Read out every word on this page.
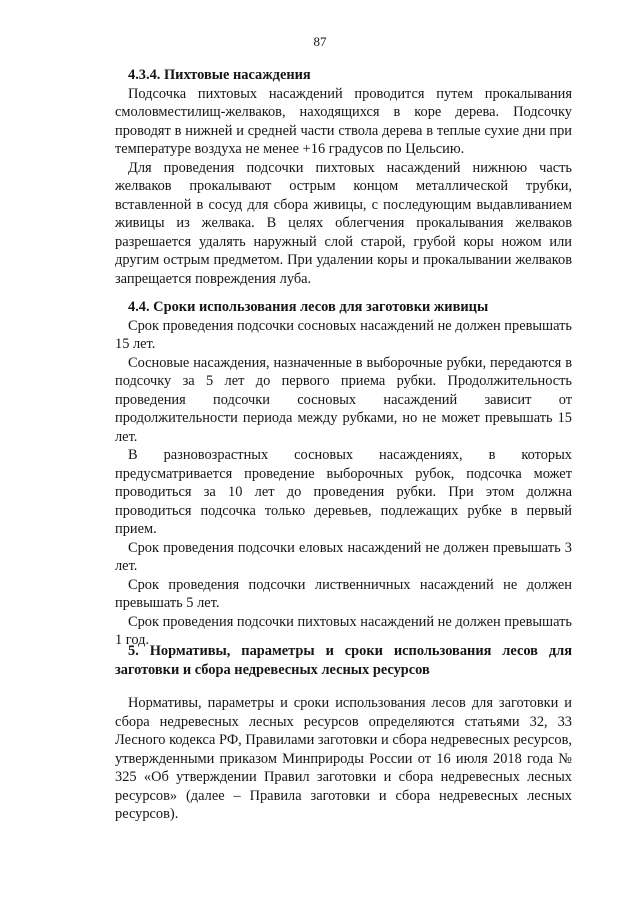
87

4.3.4. Пихтовые насаждения

Подсочка пихтовых насаждений проводится путем прокалывания смоловместилищ-желваков, находящихся в коре дерева. Подсочку проводят в нижней и средней части ствола дерева в теплые сухие дни при температуре воздуха не менее +16 градусов по Цельсию.

Для проведения подсочки пихтовых насаждений нижнюю часть желваков прокалывают острым концом металлической трубки, вставленной в сосуд для сбора живицы, с последующим выдавливанием живицы из желвака. В целях облегчения прокалывания желваков разрешается удалять наружный слой старой, грубой коры ножом или другим острым предметом. При удалении коры и прокалывании желваков запрещается повреждения луба.

4.4. Сроки использования лесов для заготовки живицы

Срок проведения подсочки сосновых насаждений не должен превышать 15 лет.

Сосновые насаждения, назначенные в выборочные рубки, передаются в подсочку за 5 лет до первого приема рубки. Продолжительность проведения подсочки сосновых насаждений зависит от продолжительности периода между рубками, но не может превышать 15 лет.

В разновозрастных сосновых насаждениях, в которых предусматривается проведение выборочных рубок, подсочка может проводиться за 10 лет до проведения рубки. При этом должна проводиться подсочка только деревьев, подлежащих рубке в первый прием.

Срок проведения подсочки еловых насаждений не должен превышать 3 лет.

Срок проведения подсочки лиственничных насаждений не должен превышать 5 лет.

Срок проведения подсочки пихтовых насаждений не должен превышать 1 год.

5. Нормативы, параметры и сроки использования лесов для заготовки и сбора недревесных лесных ресурсов

Нормативы, параметры и сроки использования лесов для заготовки и сбора недревесных лесных ресурсов определяются статьями 32, 33 Лесного кодекса РФ, Правилами заготовки и сбора недревесных ресурсов, утвержденными приказом Минприроды России от 16 июля 2018 года № 325 «Об утверждении Правил заготовки и сбора недревесных лесных ресурсов» (далее – Правила заготовки и сбора недревесных лесных ресурсов).
